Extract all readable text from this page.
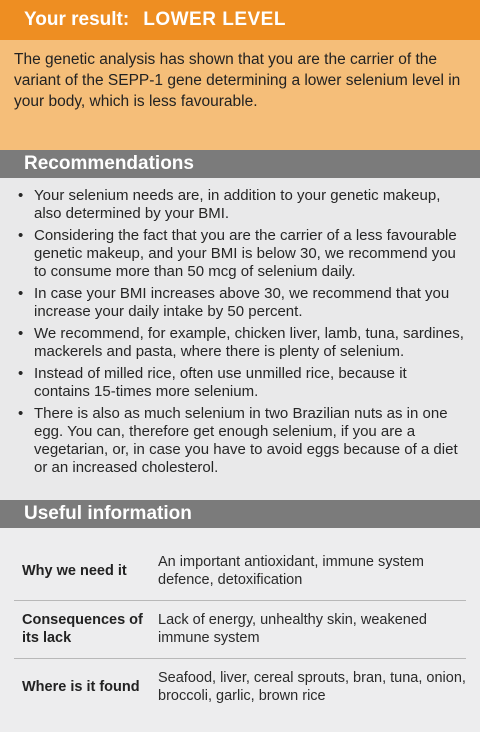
Your result: LOWER LEVEL
The genetic analysis has shown that you are the carrier of the variant of the SEPP-1 gene determining a lower selenium level in your body, which is less favourable.
Recommendations
• Your selenium needs are, in addition to your genetic makeup, also determined by your BMI.
• Considering the fact that you are the carrier of a less favourable genetic makeup, and your BMI is below 30, we recommend you to consume more than 50 mcg of selenium daily.
• In case your BMI increases above 30, we recommend that you increase your daily intake by 50 percent.
• We recommend, for example, chicken liver, lamb, tuna, sardines, mackerels and pasta, where there is plenty of selenium.
• Instead of milled rice, often use unmilled rice, because it contains 15-times more selenium.
• There is also as much selenium in two Brazilian nuts as in one egg. You can, therefore get enough selenium, if you are a vegetarian, or, in case you have to avoid eggs because of a diet or an increased cholesterol.
Useful information
Why we need it	An important antioxidant, immune system defence, detoxification
Consequences of its lack	Lack of energy, unhealthy skin, weakened immune system
Where is it found	Seafood, liver, cereal sprouts, bran, tuna, onion, broccoli, garlic, brown rice
